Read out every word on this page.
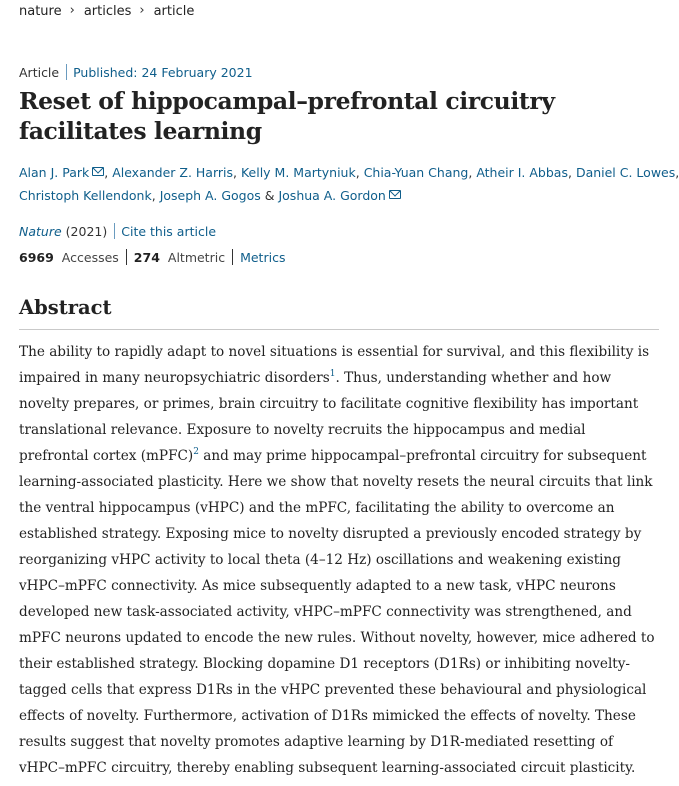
nature › articles › article
Article Published: 24 February 2021
Reset of hippocampal–prefrontal circuitry
facilitates learning
Alan J. Park , Alexander Z. Harris, Kelly M. Martyniuk, Chia-Yuan Chang, Atheir I. Abbas, Daniel C. Lowes,
Christoph Kellendonk, Joseph A. Gogos & Joshua A. Gordon
Nature (2021) Cite this article
6969 Accesses 274 Altmetric Metrics
Abstract
The ability to rapidly adapt to novel situations is essential for survival, and this flexibility is
impaired in many neuropsychiatric disorders$^1$. Thus, understanding whether and how
novelty prepares, or primes, brain circuitry to facilitate cognitive flexibility has important
translational relevance. Exposure to novelty recruits the hippocampus and medial
prefrontal cortex (mPFC)$^2$ and may prime hippocampal–prefrontal circuitry for subsequent
learning-associated plasticity. Here we show that novelty resets the neural circuits that link
the ventral hippocampus (vHPC) and the mPFC, facilitating the ability to overcome an
established strategy. Exposing mice to novelty disrupted a previously encoded strategy by
reorganizing vHPC activity to local theta (4–12 Hz) oscillations and weakening existing
vHPC–mPFC connectivity. As mice subsequently adapted to a new task, vHPC neurons
developed new task-associated activity, vHPC–mPFC connectivity was strengthened, and
mPFC neurons updated to encode the new rules. Without novelty, however, mice adhered to
their established strategy. Blocking dopamine D1 receptors (D1Rs) or inhibiting novelty-
tagged cells that express D1Rs in the vHPC prevented these behavioural and physiological
effects of novelty. Furthermore, activation of D1Rs mimicked the effects of novelty. These
results suggest that novelty promotes adaptive learning by D1R-mediated resetting of
vHPC–mPFC circuitry, thereby enabling subsequent learning-associated circuit plasticity.
